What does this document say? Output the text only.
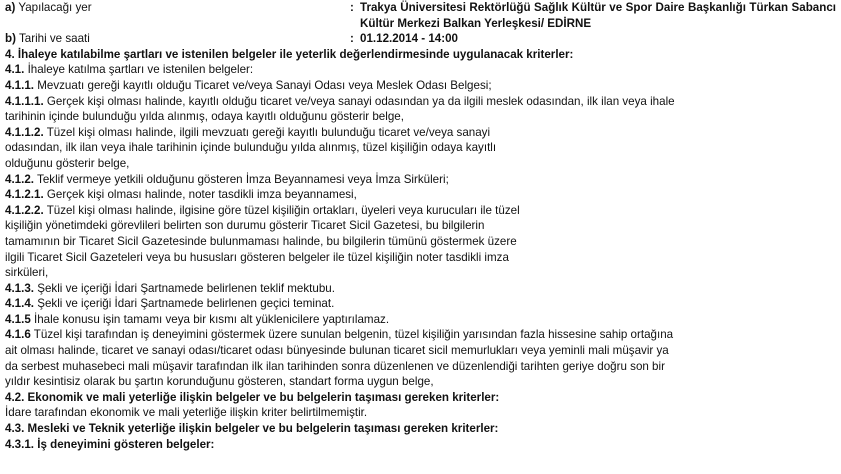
a) Yapılacağı yer	: Trakya Üniversitesi Rektörlüğü Sağlık Kültür ve Spor Daire Başkanlığı Türkan Sabancı Kültür Merkezi Balkan Yerleşkesi/ EDİRNE
b) Tarihi ve saati	: 01.12.2014 - 14:00
4. İhaleye katılabilme şartları ve istenilen belgeler ile yeterlik değerlendirmesinde uygulanacak kriterler:
4.1. İhaleye katılma şartları ve istenilen belgeler:
4.1.1. Mevzuatı gereği kayıtlı olduğu Ticaret ve/veya Sanayi Odası veya Meslek Odası Belgesi;
4.1.1.1. Gerçek kişi olması halinde, kayıtlı olduğu ticaret ve/veya sanayi odasından ya da ilgili meslek odasından, ilk ilan veya ihale
tarihinin içinde bulunduğu yılda alınmış, odaya kayıtlı olduğunu gösterir belge,
4.1.1.2. Tüzel kişi olması halinde, ilgili mevzuatı gereği kayıtlı bulunduğu ticaret ve/veya sanayi
odasından, ilk ilan veya ihale tarihinin içinde bulunduğu yılda alınmış, tüzel kişiliğin odaya kayıtlı
olduğunu gösterir belge,
4.1.2. Teklif vermeye yetkili olduğunu gösteren İmza Beyannamesi veya İmza Sirküleri;
4.1.2.1. Gerçek kişi olması halinde, noter tasdikli imza beyannamesi,
4.1.2.2. Tüzel kişi olması halinde, ilgisine göre tüzel kişiliğin ortakları, üyeleri veya kurucuları ile tüzel
kişiliğin yönetimdeki görevlileri belirten son durumu gösterir Ticaret Sicil Gazetesi, bu bilgilerin
tamamının bir Ticaret Sicil Gazetesinde bulunmaması halinde, bu bilgilerin tümünü göstermek üzere
ilgili Ticaret Sicil Gazeteleri veya bu hususları gösteren belgeler ile tüzel kişiliğin noter tasdikli imza
sirküleri,
4.1.3. Şekli ve içeriği İdari Şartnamede belirlenen teklif mektubu.
4.1.4. Şekli ve içeriği İdari Şartnamede belirlenen geçici teminat.
4.1.5 İhale konusu işin tamamı veya bir kısmı alt yüklenicilere yaptırılamaz.
4.1.6 Tüzel kişi tarafından iş deneyimini göstermek üzere sunulan belgenin, tüzel kişiliğin yarısından fazla hissesine sahip ortağına
ait olması halinde, ticaret ve sanayi odası/ticaret odası bünyesinde bulunan ticaret sicil memurlukları veya yeminli mali müşavir ya
da serbest muhasebeci mali müşavir tarafından ilk ilan tarihinden sonra düzenlenen ve düzenlendiği tarihten geriye doğru son bir
yıldır kesintisiz olarak bu şartın korunduğunu gösteren, standart forma uygun belge,
4.2. Ekonomik ve mali yeterliğe ilişkin belgeler ve bu belgelerin taşıması gereken kriterler:
İdare tarafından ekonomik ve mali yeterliğe ilişkin kriter belirtilmemiştir.
4.3. Mesleki ve Teknik yeterliğe ilişkin belgeler ve bu belgelerin taşıması gereken kriterler:
4.3.1. İş deneyimini gösteren belgeler:
